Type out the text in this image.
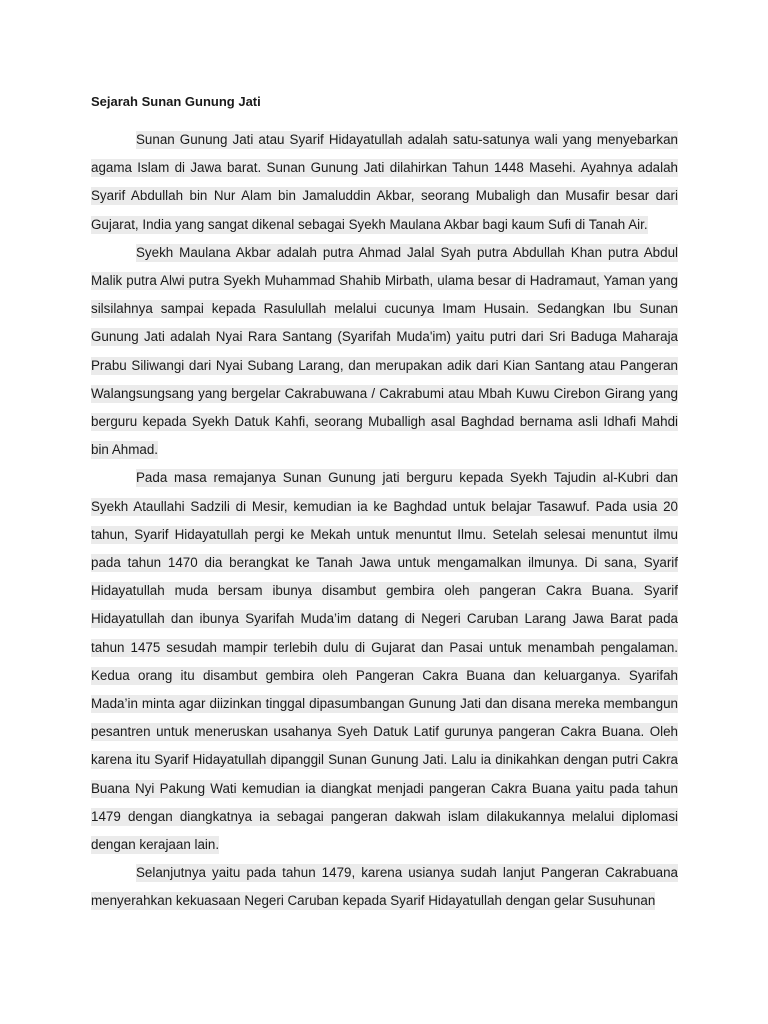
Sejarah Sunan Gunung Jati

Sunan Gunung Jati atau Syarif Hidayatullah adalah satu-satunya wali yang menyebarkan agama Islam di Jawa barat. Sunan Gunung Jati dilahirkan Tahun 1448 Masehi. Ayahnya adalah Syarif Abdullah bin Nur Alam bin Jamaluddin Akbar, seorang Mubaligh dan Musafir besar dari Gujarat, India yang sangat dikenal sebagai Syekh Maulana Akbar bagi kaum Sufi di Tanah Air.

Syekh Maulana Akbar adalah putra Ahmad Jalal Syah putra Abdullah Khan putra Abdul Malik putra Alwi putra Syekh Muhammad Shahib Mirbath, ulama besar di Hadramaut, Yaman yang silsilahnya sampai kepada Rasulullah melalui cucunya Imam Husain. Sedangkan Ibu Sunan Gunung Jati adalah Nyai Rara Santang (Syarifah Muda'im) yaitu putri dari Sri Baduga Maharaja Prabu Siliwangi dari Nyai Subang Larang, dan merupakan adik dari Kian Santang atau Pangeran Walangsungsang yang bergelar Cakrabuwana / Cakrabumi atau Mbah Kuwu Cirebon Girang yang berguru kepada Syekh Datuk Kahfi, seorang Muballigh asal Baghdad bernama asli Idhafi Mahdi bin Ahmad.

Pada masa remajanya Sunan Gunung jati berguru kepada Syekh Tajudin al-Kubri dan Syekh Ataullahi Sadzili di Mesir, kemudian ia ke Baghdad untuk belajar Tasawuf. Pada usia 20 tahun, Syarif Hidayatullah pergi ke Mekah untuk menuntut Ilmu. Setelah selesai menuntut ilmu pada tahun 1470 dia berangkat ke Tanah Jawa untuk mengamalkan ilmunya. Di sana, Syarif Hidayatullah muda bersam ibunya disambut gembira oleh pangeran Cakra Buana. Syarif Hidayatullah dan ibunya Syarifah Muda’im datang di Negeri Caruban Larang Jawa Barat pada tahun 1475 sesudah mampir terlebih dulu di Gujarat dan Pasai untuk menambah pengalaman. Kedua orang itu disambut gembira oleh Pangeran Cakra Buana dan keluarganya. Syarifah Mada’in minta agar diizinkan tinggal dipasumbangan Gunung Jati dan disana mereka membangun pesantren untuk meneruskan usahanya Syeh Datuk Latif gurunya pangeran Cakra Buana. Oleh karena itu Syarif Hidayatullah dipanggil Sunan Gunung Jati. Lalu ia dinikahkan dengan putri Cakra Buana Nyi Pakung Wati kemudian ia diangkat menjadi pangeran Cakra Buana yaitu pada tahun 1479 dengan diangkatnya ia sebagai pangeran dakwah islam dilakukannya melalui diplomasi dengan kerajaan lain.

Selanjutnya yaitu pada tahun 1479, karena usianya sudah lanjut Pangeran Cakrabuana menyerahkan kekuasaan Negeri Caruban kepada Syarif Hidayatullah dengan gelar Susuhunan
